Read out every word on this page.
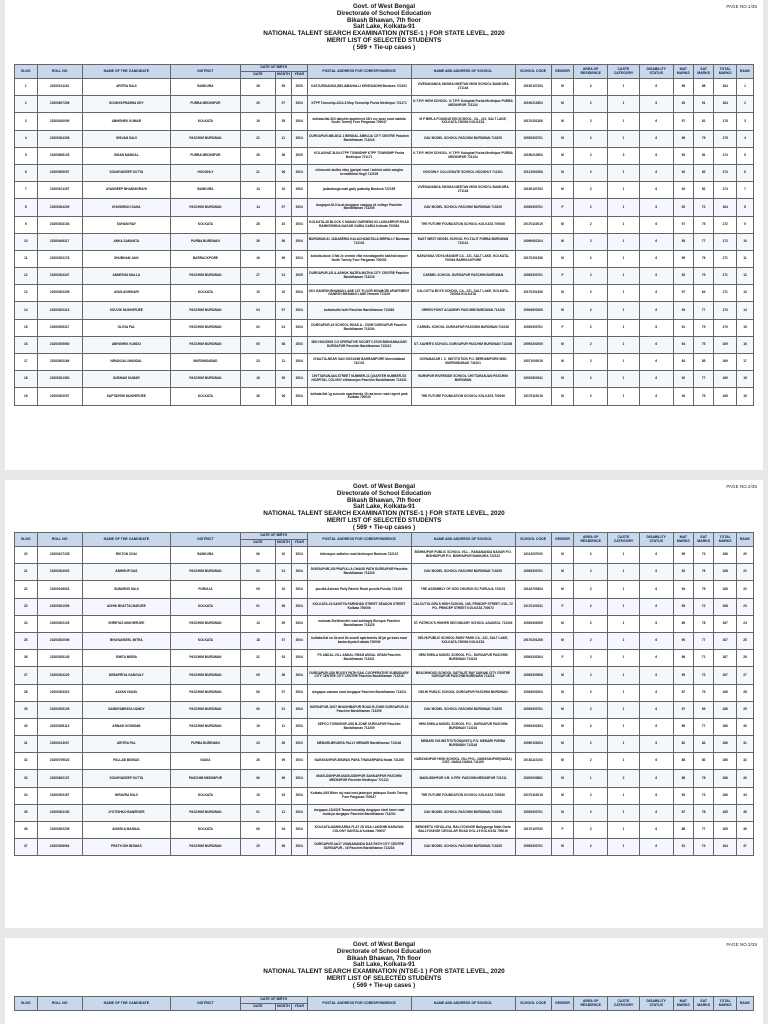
PAGE NO.1/35
Govt. of West Bengal
Directorate of School Education
Bikash Bhawan, 7th floor
Salt Lake, Kolkata-91
NATIONAL TALENT SEARCH EXAMINATION (NTSE-1 ) FOR STATE LEVEL, 2020
MERIT LIST OF SELECTED STUDENTS
( 569 + Tie-up cases )
SLNO	ROLL NO	NAME OF THE CANDIDATE	DISTRICT	DATE OF BIRTH			POSTAL ADDRESS FOR CORESPONDENCE	NAME AND ADDRESS OF SCHOOL	SCHOOL CODE	GENDER	AREA OF RESIDENCE	CASTE CATEGORY	DISABILITY STATUS	MAT MARKS	SAT MARKS	TOTAL MARKS	RANK
				DATE	MONTH	YEAR											
1	23200101161	ARITRA MAJI	BANKURA	28	05	2005	KATJURIDANGA,BELIABAHALLI KENDUADIHI Bankura 722102	VIVEKANANDA SIKSHA NIKETAN HIGH SCHOOL BANKURA 271144	19130107203	M	2	1	6	96	88	184	1
2	23200607206	SOUMYAPRABHA DEY	PURBA MEDINIPUR	29	07	2004	KTPP Township-4312-5 Mop Township Purba Medinipur 721171	K.T.P.P. HIGH SCHOOL. K.T.P.P. Kolaghat Purba Medinipur PURBA MEDINIPUR 721134	19190213903	M	2	1	6	93	91	184	2
3	23200430009	ABHISHEK KUMAR	KOLKATA	19	05	2004	kolkata-flat-304 dakshin apartment 35/1 rsv bose road naktala South Twenty Four Parganas 700047	M P BIRLA FOUNDATION SCHOOL. CA - 221, SALT LAKE, KOLKATA-700064 KOLKATA	19170201306	M	2	1	6	97	81	178	3
4	23200304306	SHIVAM MAJI	PASCHIM BURDWAN	22	11	2004	DURGAPUR-MB-8011 1 BENGAL AMBUJA CITY CENTRE Paschim Barddhaman 713216	DAV MODEL SCHOOL PASCHIM BURDWAN 713205	19093300701	M	2	1	6	96	79	175	4
5	23200608103	ISHAN MANDAL	PURBA MEDINIPUR	26	06	2005	KOLAGHAT-B-84 KTPP TOWNSHIP KTPP TOWNSHIP Purba Medinipur 721171	K.T.P.P. HIGH SCHOOL. K.T.P.P. Kolaghat Purba Medinipur PURBA MEDINIPUR 721134	19190213903	M	2	3	6	93	81	174	5
6	23200509007	SOUMYADEEP DUTTA	HOOGHLY	21	06	2004	chinsurah dudha vilay (gariyal road / behind rabin sangha beneathtala Hugli 712105	HOOGHLY COLLEGIATE SCHOOL HOOGHLY 712101	19121902306	M	2	1	6	92	82	174	6
7	23200101297	AYANDEEP BHANNIGRAHI	BANKURA	13	10	2003	jadavdanga-mail.gaily jadavdip Bankura 722155	VIVEKANANDA SIKSHA NIKETAN HIGH SCHOOL BANKURA 271144	19130107203	M	2	1	6	92	82	174	7
8	23200304209	KHUSHBOO SAHA	PASCHIM BURDWAN	14	07	2004	durgapur-M-3 to-at durgapur campus rd college Paschim Barddhaman 713205	DAV MODEL SCHOOL PASCHIM BURDWAN 713205	19093300701	F	2	1	6	92	72	164	8
9	23200303104	SOHAM RAY	KOLKATA	28	10	2004	KOLKATA-38 BLOCK C MANAV GARDENS 63 LASKARPUR ROAD RAMKRISHNA NAGAR GARIA GARIA Kolkata 700084	THE FUTURE FOUNDATION SCHOOL KOLKATA 700040	19170110019	M	2	1	6	97	75	172	9
10	23200406317	ANKA SAMANTA	PURBA BURDWAN	26	06	2004	BURDWAN-51 JADABERIA KALACHANDTALA BIRPALLY Burdwan 713101	EAST WEST MODEL SCHOOL PO-TALIT PURBA BURDWAN 713141	19090602104	M	2	1	6	95	77	172	10
11	23200302176	SHUBHAM JAIN	BARRACKPORE	16	06	2004	kolkata-block 3 flat 2c central villa mondalganthi kaikhali airport North Twenty Four Parganas 700052	NARAYANA VIDYA MANDIR CA - 221, SALT LAKE, KOLKATA-700064 BARRACKPORE	19170201306	M	2	1	6	95	76	171	11
12	23200304347	ANNESHA MALLA	PASCHIM BURDWAN	27	01	2005	DURGAPUR-1/8 A-ASHOK NAZRA MATHA CITY CENTRE Paschim Barddhaman 713216	CARMEL SCHOOL DURGAPUR PASCHIM BURDWAN	19093300701	F	2	1	6	92	79	171	12
13	23200302209	AYAN ADHIKARI	KOLKATA	10	10	2004	19/3 GANESH BHAWAN LANE 1ST FLOOR BIVABORI APARTMENT GANESH BHAWAN LANE Howrah 711109	CALCUTTA BOYS SCHOOL CA - 221, SALT LAKE, KOLKATA-700064 KOLKATA	19170201306	M	2	1	6	97	64	171	13
14	23200302313	SOUVIK MUKHERJEE	PASCHIM BURDWAN	04	07	2004	buttrakuthi hutti Paschim Barddhaman 713363	GREEN POINT ACADEMY PASCHIM BURDWAN 713208	19094800205	M	2	1	6	93	77	170	14
15	23200305317	OLIVIA PAL	PASCHIM BURDWAN	02	01	2004	DURGAPUR-16 SCHOOL ROAD A - ZONE DURGAPUR Paschim Barddhaman 713204	CARMEL SCHOOL DURGAPUR PASCHIM BURDWAN 713216	19093300701	F	2	1	6	91	79	170	15
16	23200305060	ABHISHEK KUNDU	PASCHIM BURDWAN	05	08	2003	MIG HOUSING CO OPERATIVE SOCIETY-07/05 BIDHANNAGAR DURGAPUR Paschim Barddhaman 713212	ST. XAVIER'S SCHOOL DURGAPUR PASCHIM BURDWAN 713206	19093302005	M	2	1	6	94	75	169	16
17	23200801166	NIRANJALI MANDAL	MURSHIDABAD	23	11	2004	CHALTIA-NEAR SAN GOSVAMI BAHRAMPORE Murshidabad 742101	GORABAZAR I. C. INSTITUTION P.O. BERHAMPORE MSD MURSHIDABAD 742101	19071000010	M	2	1	6	84	85	169	17
18	23200301360	SUBHAM KUMAR	PASCHIM BURDWAN	16	05	2004	CHITTARANJAN-STREET NUMBER-11 QUARTER NUMBER-SS HOSPITAL COLONY chittaranjan Paschim Barddhaman 713331	BURNPUR RIVERSIDE SCHOOL CHITTARANJAN PASCHIM BURDWAN	19091500011	M	2	1	6	92	77	169	18
19	23200302007	SAPTARSHI MUKHERJEE	KOLKATA	26	06	2004	kolkata-flat 1g sunrock apartments 10 raa bose road regent park Kolkata 700040	THE FUTURE FOUNDATION SCHOOL KOLKATA 700040	19170110019	M	2	1	6	94	75	169	19
PAGE NO.2/35
Govt. of West Bengal
Directorate of School Education
Bikash Bhawan, 7th floor
Salt Lake, Kolkata-91
NATIONAL TALENT SEARCH EXAMINATION (NTSE-1 ) FOR STATE LEVEL, 2020
MERIT LIST OF SELECTED STUDENTS
( 569 + Tie-up cases )
SLNO	ROLL NO	NAME OF THE CANDIDATE	DISTRICT	DATE OF BIRTH			POSTAL ADDRESS FOR CORESPONDENCE	NAME AND ADDRESS OF SCHOOL	SCHOOL CODE	GENDER	AREA OF RESIDENCE	CASTE CATEGORY	DISABILITY STATUS	MAT MARKS	SAT MARKS	TOTAL MARKS	RANK
				DATE	MONTH	YEAR											
20	23200107135	RIKTON CHAI	BANKURA	06	10	2004	bishnupur-sattalon road bishnupur Bankura 722122	BISHNUPUR PUBLIC SCHOOL VILL - RAMANANDA NAGAR P.O. BISHNUPUR P.O. BISHNUPUR BANKURA 722122	19113207000	M	2	1	6	95	73	168	20
21	23200304003	ABHIRUP DAS	PASCHIM BURDWAN	02	01	2004	DURGAPUR-2/8 PRAFULLA CHAND PATH DURGAPUR Paschim Barddhaman 713216	DAV MODEL SCHOOL PASCHIM BURDWAN 713205	19093300701	M	2	1	6	92	76	168	21
22	23200106023	SUBARNO MAJI	PURULIA	05	10	2004	purulia-Ashram Pally Ranchi Road purulia Purulia 723101	THE ASSEMBLY OF GOD CHURCH SC PURULIA 723101	19143700304	M	2	1	6	93	75	168	22
23	23200301006	ADHIK BHATTACHARJEE	KOLKATA	01	06	2004	KOLKATA-16 SAHITYA PARISHAD STREET SEADON STREET Kolkata 700006	CALCUTTA GIRLS HIGH SCHOOL 11B, PRINCEP STREET, KOL-72 PO- PRINCEP STREET KOLKATA 700072	19170103011	F	2	1	6	95	72	168	23
24	23200302103	SHREYAS MUKHERJEE	PASCHIM BURDWAN	13	09	2004	mainsat-Shrikhandhi road sahbagnj Burnpur Paschim Barddhaman 713325	ST. PATRICK'S HIGHER SECONDARY SCHOOL ASANSOL 713304	19093302005	M	2	1	6	89	78	167	24
25	23200302006	BHUVANSEEL MITRA	KOLKATA	18	07	2004	kolkata-flat no 2a and 2b vrundi apartments 46 jai gu boss road kasba kiyala Kolkata 700039	DELHI PUBLIC SCHOOL RUBY PARK CA - 221, SALT LAKE, KOLKATA-700064 KOLKATA	19170201306	M	2	1	6	90	77	167	25
26	23200305145	ISHITA MISRA	PASCHIM BURDWAN	31	02	2004	PS ANDAL-VILL ANDAL GRAM ANDAL GRAM Paschim Barddhaman 713321	HEM SHEILA MODEL SCHOOL P.O.- DURGAPUR PASCHIM BURDWAN 713216	19093302304	F	2	1	6	96	71	167	26
27	23200304229	DEBAPRIYA GANGULY	PASCHIM BURDWAN	05	06	2004	DURGAPUR-2/26 ROCKY PATH SAIL COOPERATIVE SUBSIDIARY CITY CENTRE CITY CENTRE Paschim Barddhaman 713216	BEACHWOOD SCHOOL SATYAJIT RAY SARANI CITY CENTRE DURGAPUR PASCHIM BURDWAN 713216	19093300908	M	2	1	6	95	72	167	27
28	23200303310	AAYAN YADAV	PASCHIM BURDWAN	06	07	2004	durgapur-camara road durgapur Paschim Barddhaman 713211	DELHI PUBLIC SCHOOL DURGAPUR PASCHIM BURDWAN	19093002003	M	2	1	6	87	79	166	28
29	23200305105	SAMMYABRATA NANDY	PASCHIM BURDWAN	06	01	2004	DURGAPUR-16/27 BHAGHBAPUR ROAD B-ZONE DURGAPUR-16 Paschim Barddhaman 713205	DAV MODEL SCHOOL PASCHIM BURDWAN 713205	19093300701	M	2	1	6	97	69	166	29
30	23200305110	ARNAB GOSWAMI	PASCHIM BURDWAN	19	11	2003	SEPCO TOWNSHIP-4/26 B-ZONE DURGAPUR Paschim Barddhaman 713209	HEM SHEILA MODEL SCHOOL P.O.- DURGAPUR PASCHIM BURDWAN 713216	19093302304	M	2	1	6	89	77	166	30
31	23200413007	ARITRA PAL	PURBA BURDWAN	23	06	2003	MEMARI-BRUDRA PALLY MEMARI Barddhaman 713146	MEMARI V.M.INSTITUTION(UNIT-I) P.O. MEMARI PURBA BURDWAN 713146	19090103004	M	2	1	6	82	84	166	31
32	23200709023	PALLAB BISWAS	NADIA	26	09	2004	NARAYANPUR-BISWAS PARA THANARPARA Nadia 741165	NARAYANPUR HIGH SCHOOL VILL+P.O.- NARAYANPUR(NADIA) DIST- NADIA NADIA 741165	19181110103	M	2	1	6	86	80	166	32
33	23200602107	SOUMYADEEP DUTTA	PASCHIM MEDINIPUR	06	06	2004	MAISUDDHPUR-MAISUDDHPUR SANKARPUR PASCHIM MEDINIPUR Paschim Medinipur 721211	MAISUDDHPUR V.B. U.PRY. PASCHIM MEDINIPUR 721211	19202000801	M	1	2	6	88	78	166	33
34	23200303167	NIRAVRA MAJI	KOLKATA	15	03	2004	Kolkata-49/3 Bites raj road east jadavpur jadavpur South Twenty Four Parganas 700047	THE FUTURE FOUNDATION SCHOOL KOLKATA 700040	19170110019	M	2	1	6	93	73	166	34
35	23200304100	JYOTISHKO BANERJEE	PASCHIM BURDWAN	01	11	2003	durgapur-13/4/2/5 Tanna township durgapur steel town road mukhya durgapur Paschim Barddhaman 713204	DAV MODEL SCHOOL PASCHIM BURDWAN 713205	19093300701	M	2	1	6	87	78	165	35
36	23200302239	ANUSKA MANDAL	KOLKATA	06	04	2004	KOLKATA-MANIKARNA FLAT 2D 8/2A LAKSHMI NARAYAN COLONY SANTALA Kolkata 700037	BENGEETA VIDYALAYA, BALLYGUNGE Ballygunge Math Garia BALLYGUNGE CIRCULAR ROAD KOL-19 KOLKATA 700019	19170107020	F	2	1	6	88	77	165	36
37	23200308064	PRATYUSH BISWAS	PASCHIM BURDWAN	25	06	2004	DURGAPUR-4a/17 JNANANANDA DAS PATH CITY CENTRE DURGAPUR - 16 Paschim Barddhaman 713216	DAV MODEL SCHOOL PASCHIM BURDWAN 713205	19093300701	M	2	1	6	91	73	164	37
PAGE NO.3/35
Govt. of West Bengal
Directorate of School Education
Bikash Bhawan, 7th floor
Salt Lake, Kolkata-91
NATIONAL TALENT SEARCH EXAMINATION (NTSE-1 ) FOR STATE LEVEL, 2020
MERIT LIST OF SELECTED STUDENTS
( 569 + Tie-up cases )
SLNO	ROLL NO	NAME OF THE CANDIDATE	DISTRICT	DATE OF BIRTH			POSTAL ADDRESS FOR CORESPONDENCE	NAME AND ADDRESS OF SCHOOL	SCHOOL CODE	GENDER	AREA OF RESIDENCE	CASTE CATEGORY	DISABILITY STATUS	MAT MARKS	SAT MARKS	TOTAL MARKS	RANK
				DATE	MONTH	YEAR											
